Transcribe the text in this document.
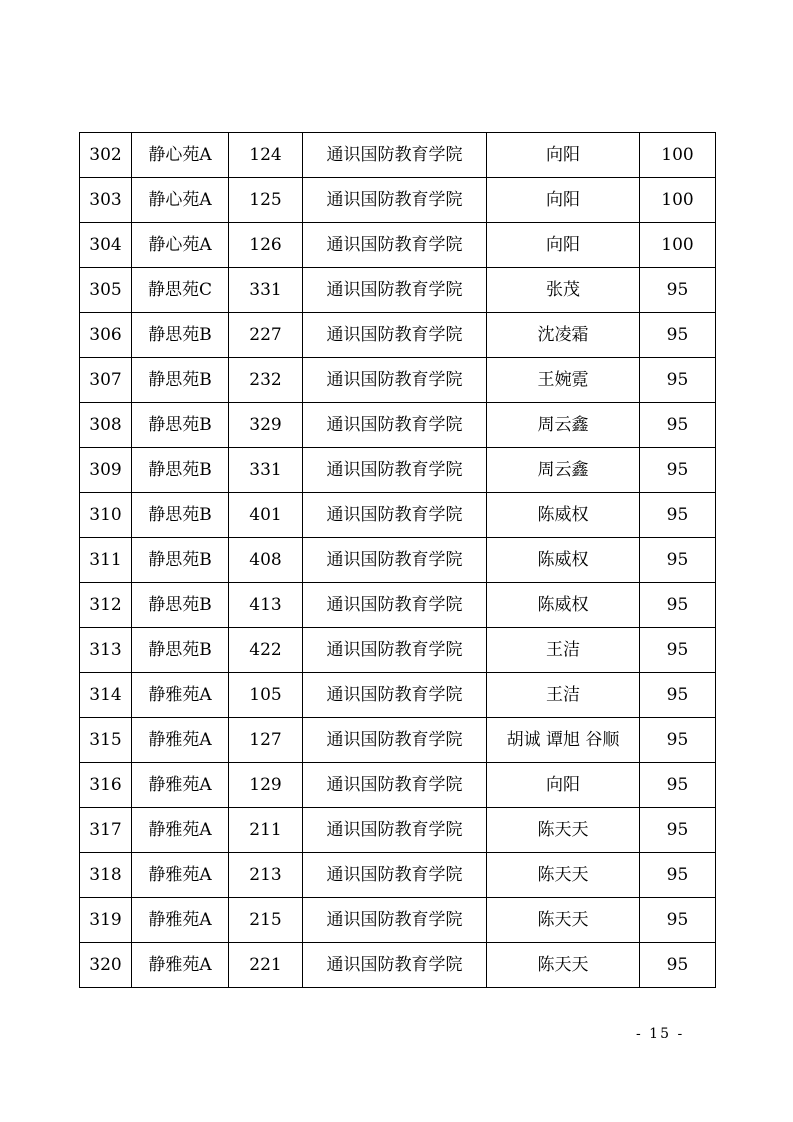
302	静心苑A	124	通识国防教育学院	向阳	100
303	静心苑A	125	通识国防教育学院	向阳	100
304	静心苑A	126	通识国防教育学院	向阳	100
305	静思苑C	331	通识国防教育学院	张茂	95
306	静思苑B	227	通识国防教育学院	沈凌霜	95
307	静思苑B	232	通识国防教育学院	王婉霓	95
308	静思苑B	329	通识国防教育学院	周云鑫	95
309	静思苑B	331	通识国防教育学院	周云鑫	95
310	静思苑B	401	通识国防教育学院	陈威权	95
311	静思苑B	408	通识国防教育学院	陈威权	95
312	静思苑B	413	通识国防教育学院	陈威权	95
313	静思苑B	422	通识国防教育学院	王洁	95
314	静雅苑A	105	通识国防教育学院	王洁	95
315	静雅苑A	127	通识国防教育学院	胡诚 谭旭 谷顺	95
316	静雅苑A	129	通识国防教育学院	向阳	95
317	静雅苑A	211	通识国防教育学院	陈天天	95
318	静雅苑A	213	通识国防教育学院	陈天天	95
319	静雅苑A	215	通识国防教育学院	陈天天	95
320	静雅苑A	221	通识国防教育学院	陈天天	95
- 15 -
